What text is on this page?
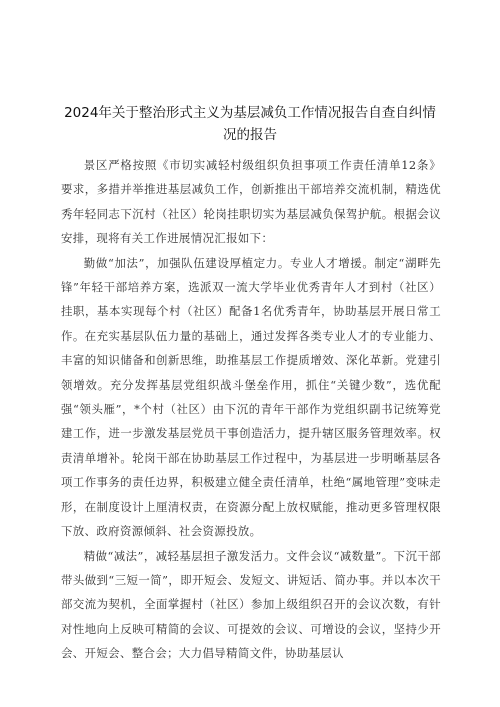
2024年关于整治形式主义为基层减负工作情况报告自查自纠情况的报告

景区严格按照《市切实减轻村级组织负担事项工作责任清单12条》要求，多措并举推进基层减负工作，创新推出干部培养交流机制，精选优秀年轻同志下沉村（社区）轮岗挂职切实为基层减负保驾护航。根据会议安排，现将有关工作进展情况汇报如下：

勤做“加法”，加强队伍建设厚植定力。专业人才增援。制定“湖畔先锋”年轻干部培养方案，选派双一流大学毕业优秀青年人才到村（社区）挂职，基本实现每个村（社区）配备1名优秀青年，协助基层开展日常工作。在充实基层队伍力量的基础上，通过发挥各类专业人才的专业能力、丰富的知识储备和创新思维，助推基层工作提质增效、深化革新。党建引领增效。充分发挥基层党组织战斗堡垒作用，抓住“关键少数”，选优配强“领头雁”，*个村（社区）由下沉的青年干部作为党组织副书记统筹党建工作，进一步激发基层党员干事创造活力，提升辖区服务管理效率。权责清单增补。轮岗干部在协助基层工作过程中，为基层进一步明晰基层各项工作事务的责任边界，积极建立健全责任清单，杜绝“属地管理”变味走形，在制度设计上厘清权责，在资源分配上放权赋能，推动更多管理权限下放、政府资源倾斜、社会资源投放。

精做“减法”，减轻基层担子激发活力。文件会议“减数量”。下沉干部带头做到“三短一简”，即开短会、发短文、讲短话、简办事。并以本次干部交流为契机，全面掌握村（社区）参加上级组织召开的会议次数，有针对性地向上反映可精简的会议、可提效的会议、可增设的会议，坚持少开会、开短会、整合会；大力倡导精简文件，协助基层认
